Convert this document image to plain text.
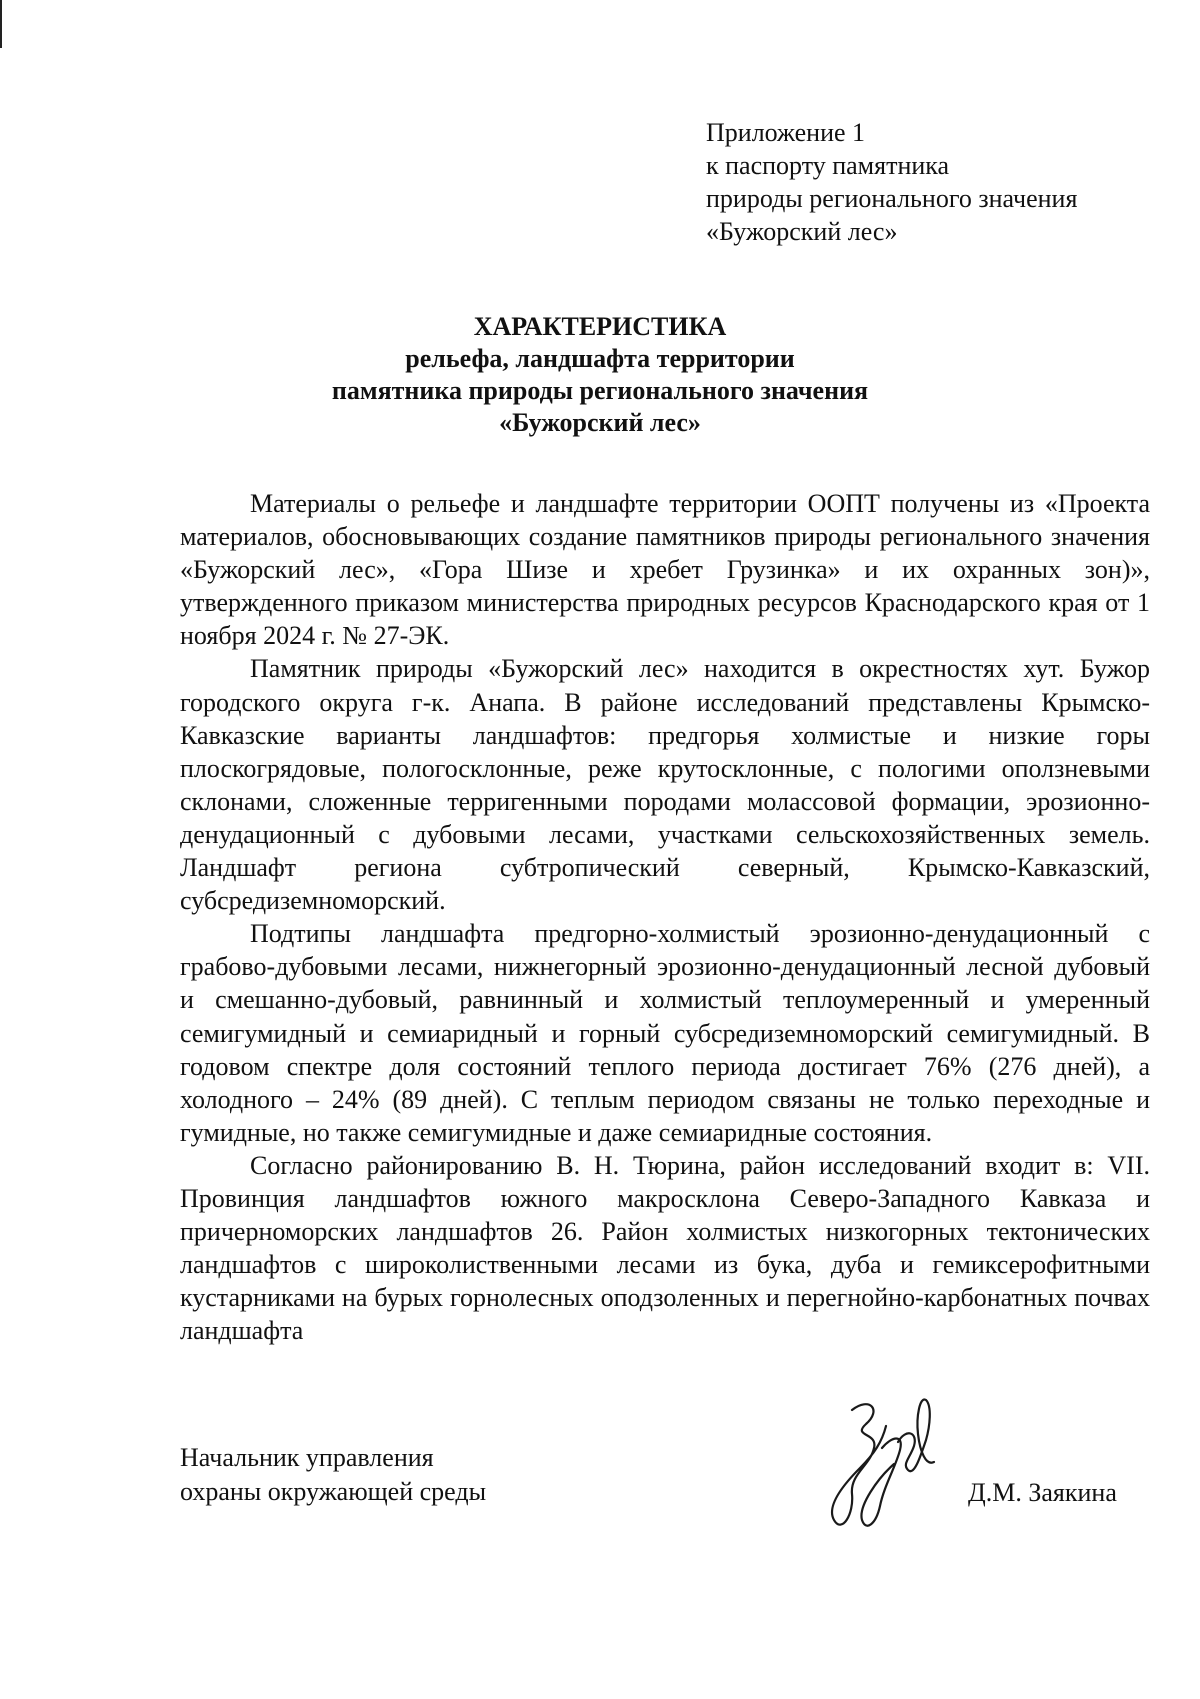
Приложение 1
к паспорту памятника
природы регионального значения
«Бужорский лес»
ХАРАКТЕРИСТИКА
рельефа, ландшафта территории
памятника природы регионального значения
«Бужорский лес»

Материалы о рельефе и ландшафте территории ООПТ получены из «Проекта материалов, обосновывающих создание памятников природы регионального значения «Бужорский лес», «Гора Шизе и хребет Грузинка» и их охранных зон)», утвержденного приказом министерства природных ресурсов Краснодарского края от 1 ноября 2024 г. № 27-ЭК.

Памятник природы «Бужорский лес» находится в окрестностях хут. Бужор городского округа г-к. Анапа. В районе исследований представлены Крымско-Кавказские варианты ландшафтов: предгорья холмистые и низкие горы плоскогрядовые, пологосклонные, реже крутосклонные, с пологими оползневыми склонами, сложенные терригенными породами молассовой формации, эрозионно-денудационный с дубовыми лесами, участками сельскохозяйственных земель. Ландшафт региона субтропический северный, Крымско-Кавказский, субсредиземноморский.

Подтипы ландшафта предгорно-холмистый эрозионно-денудационный с грабово-дубовыми лесами, нижнегорный эрозионно-денудационный лесной дубовый и смешанно-дубовый, равнинный и холмистый теплоумеренный и умеренный семигумидный и семиаридный и горный субсредиземноморский семигумидный. В годовом спектре доля состояний теплого периода достигает 76% (276 дней), а холодного – 24% (89 дней). С теплым периодом связаны не только переходные и гумидные, но также семигумидные и даже семиаридные состояния.

Согласно районированию В. Н. Тюрина, район исследований входит в: VII. Провинция ландшафтов южного макросклона Северо-Западного Кавказа и причерноморских ландшафтов 26. Район холмистых низкогорных тектонических ландшафтов с широколиственными лесами из бука, дуба и гемиксерофитными кустарниками на бурых горнолесных оподзоленных и перегнойно-карбонатных почвах ландшафта

Начальник управления
охраны окружающей среды	Д.М. Заякина
